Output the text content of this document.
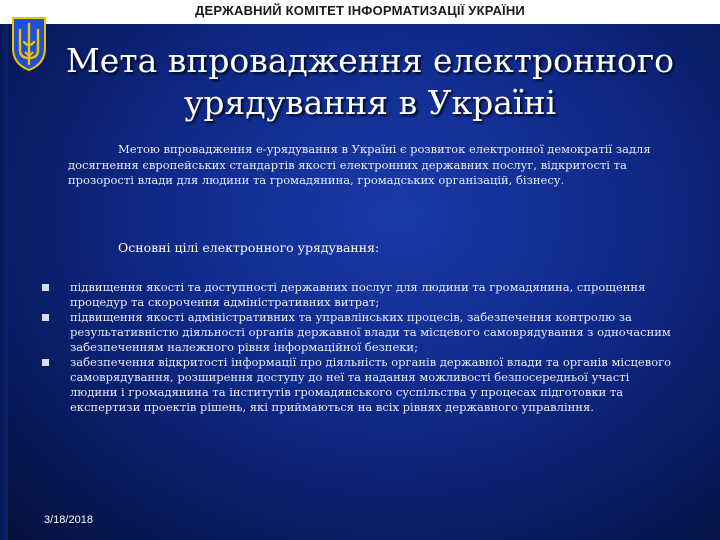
ДЕРЖАВНИЙ КОМІТЕТ ІНФОРМАТИЗАЦІЇ УКРАЇНИ
Мета впровадження електронного
урядування в Україні
Метою впровадження е-урядування в Україні є розвиток електронної демократії задля досягнення європейських стандартів якості електронних державних послуг, відкритості та прозорості влади для людини та громадянина, громадських організацій, бізнесу.
Основні цілі електронного урядування:
підвищення якості та доступності державних послуг для людини та громадянина, спрощення процедур та скорочення адміністративних витрат;
підвищення якості адміністративних та управлінських процесів, забезпечення контролю за результативністю діяльності органів державної влади та місцевого самоврядування з одночасним забезпеченням належного рівня інформаційної безпеки;
забезпечення відкритості інформації про діяльність органів державної влади та органів місцевого самоврядування, розширення доступу до неї та надання можливості безпосередньої участі людини і громадянина та інститутів громадянського суспільства у процесах підготовки та експертизи проектів рішень, які приймаються на всіх рівнях державного управління.
3/18/2018
